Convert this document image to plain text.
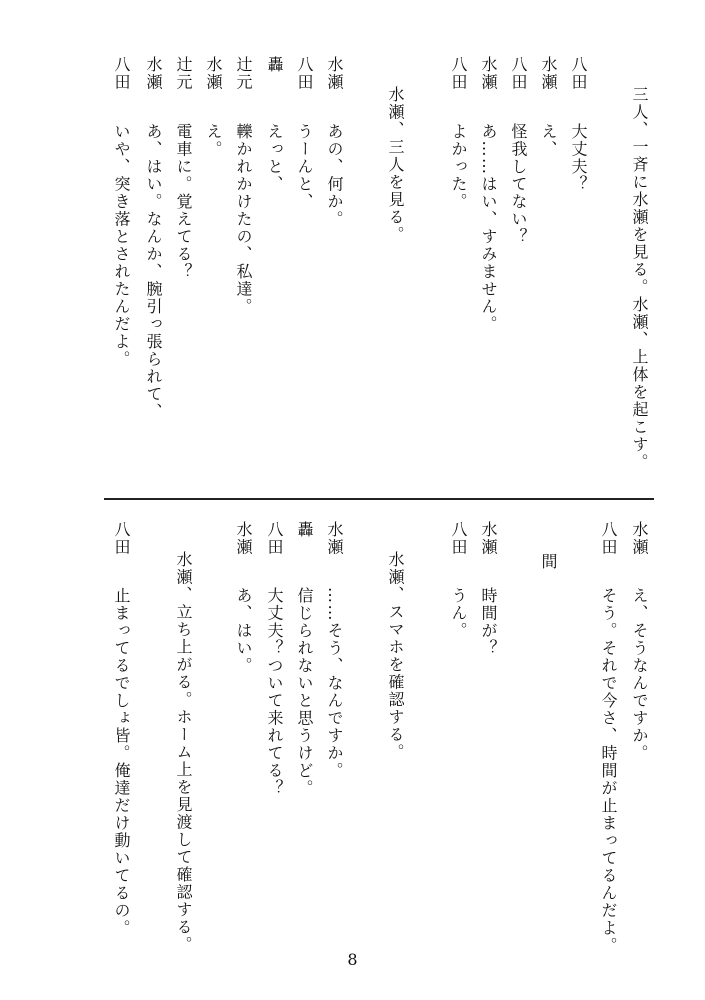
三人、一斉に水瀬を見る。水瀬、上体を起こす。
八田
大丈夫？
水瀬
え、
八田
怪我してない？
水瀬
あ……はい、すみません。
八田
よかった。
水瀬、三人を見る。
水瀬
あの、何か。
八田
うーんと、
轟
えっと、
辻元
轢かれかけたの、私達。
水瀬
え。
辻元
電車に。覚えてる？
水瀬
あ、はい。なんか、腕引っ張られて、
八田
いや、突き落とされたんだよ。
水瀬
え、そうなんですか。
八田
そう。それで今さ、時間が止まってるんだよ。
間
水瀬
時間が？
八田
うん。
水瀬、スマホを確認する。
水瀬
……そう、なんですか。
轟
信じられないと思うけど。
八田
大丈夫？ついて来れてる？
水瀬
あ、はい。
水瀬、立ち上がる。ホーム上を見渡して確認する。
八田
止まってるでしょ皆。俺達だけ動いてるの。
8
